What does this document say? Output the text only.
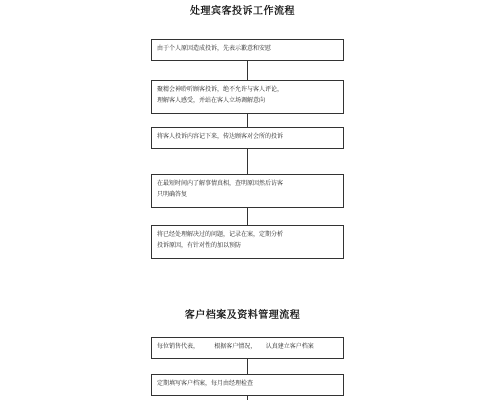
处理宾客投诉工作流程
由于个人原因造成投诉，先表示歉意和安慰
聚精会神聆听顾客投诉，绝不允许与客人评论，
理解客人感受，并站在客人立场调解意向
将客人投诉内容记下来，传达顾客对会所的投诉
在最短时间内了解事情真相，查明原因然后访客
只明确答复
将已经处理解决过的问题，记录在案，定期分析
投诉原因，有针对性的加以预防
客户档案及资料管理流程
每位销售代表，        根据客户情况，     认真建立客户档案
定期填写客户档案，每月由经理检查
